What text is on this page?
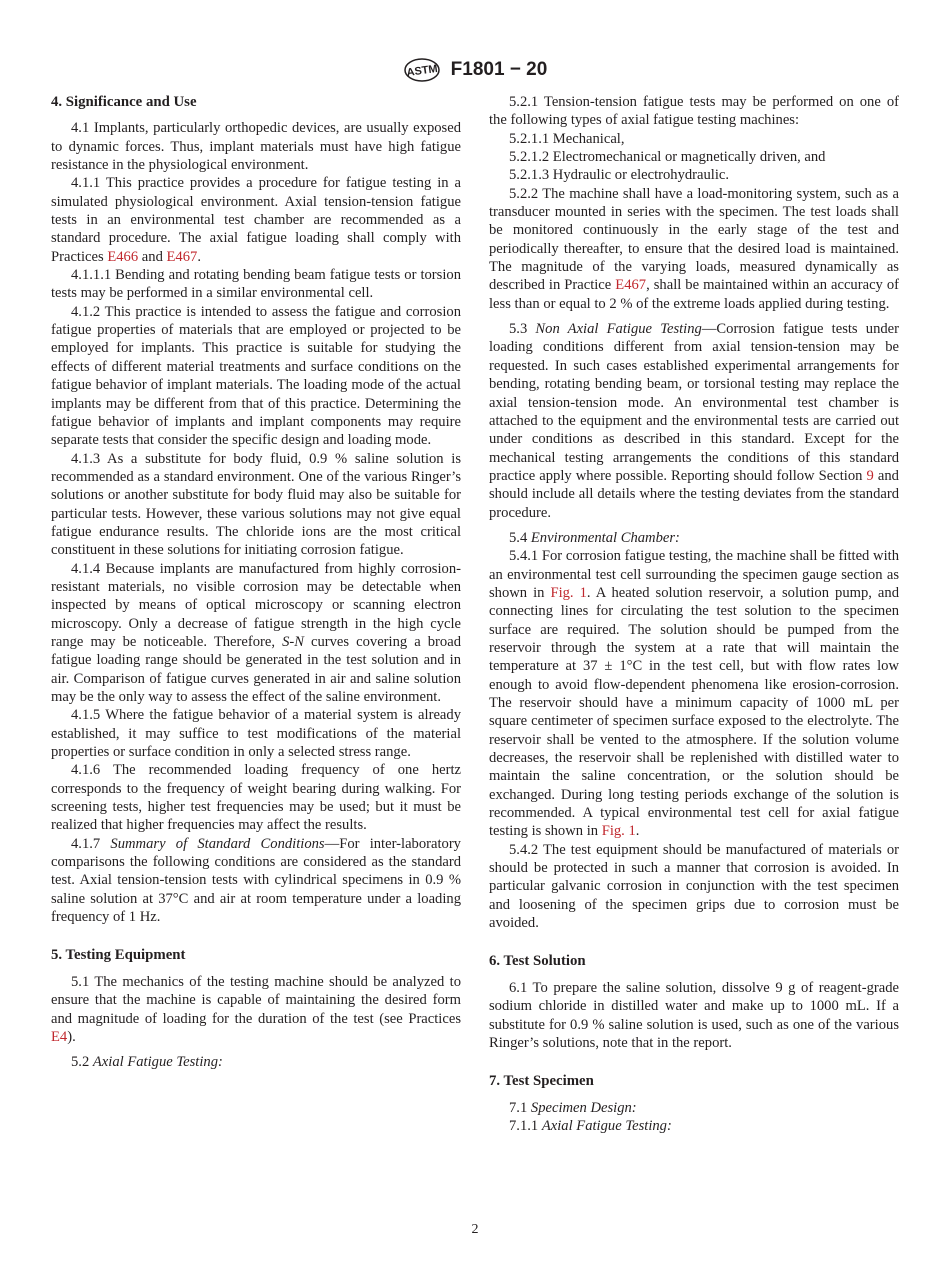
ASTM F1801 − 20
4. Significance and Use
4.1 Implants, particularly orthopedic devices, are usually exposed to dynamic forces. Thus, implant materials must have high fatigue resistance in the physiological environment.
4.1.1 This practice provides a procedure for fatigue testing in a simulated physiological environment. Axial tension-tension fatigue tests in an environmental test chamber are recommended as a standard procedure. The axial fatigue loading shall comply with Practices E466 and E467.
4.1.1.1 Bending and rotating bending beam fatigue tests or torsion tests may be performed in a similar environmental cell.
4.1.2 This practice is intended to assess the fatigue and corrosion fatigue properties of materials that are employed or projected to be employed for implants. This practice is suitable for studying the effects of different material treatments and surface conditions on the fatigue behavior of implant materials. The loading mode of the actual implants may be different from that of this practice. Determining the fatigue behavior of implants and implant components may require separate tests that consider the specific design and loading mode.
4.1.3 As a substitute for body fluid, 0.9 % saline solution is recommended as a standard environment. One of the various Ringer’s solutions or another substitute for body fluid may also be suitable for particular tests. However, these various solutions may not give equal fatigue endurance results. The chloride ions are the most critical constituent in these solutions for initiating corrosion fatigue.
4.1.4 Because implants are manufactured from highly corrosion-resistant materials, no visible corrosion may be detectable when inspected by means of optical microscopy or scanning electron microscopy. Only a decrease of fatigue strength in the high cycle range may be noticeable. Therefore, S-N curves covering a broad fatigue loading range should be generated in the test solution and in air. Comparison of fatigue curves generated in air and saline solution may be the only way to assess the effect of the saline environment.
4.1.5 Where the fatigue behavior of a material system is already established, it may suffice to test modifications of the material properties or surface condition in only a selected stress range.
4.1.6 The recommended loading frequency of one hertz corresponds to the frequency of weight bearing during walking. For screening tests, higher test frequencies may be used; but it must be realized that higher frequencies may affect the results.
4.1.7 Summary of Standard Conditions—For inter-laboratory comparisons the following conditions are considered as the standard test. Axial tension-tension tests with cylindrical specimens in 0.9 % saline solution at 37°C and air at room temperature under a loading frequency of 1 Hz.
5. Testing Equipment
5.1 The mechanics of the testing machine should be analyzed to ensure that the machine is capable of maintaining the desired form and magnitude of loading for the duration of the test (see Practices E4).
5.2 Axial Fatigue Testing:
5.2.1 Tension-tension fatigue tests may be performed on one of the following types of axial fatigue testing machines:
5.2.1.1 Mechanical,
5.2.1.2 Electromechanical or magnetically driven, and
5.2.1.3 Hydraulic or electrohydraulic.
5.2.2 The machine shall have a load-monitoring system, such as a transducer mounted in series with the specimen. The test loads shall be monitored continuously in the early stage of the test and periodically thereafter, to ensure that the desired load is maintained. The magnitude of the varying loads, measured dynamically as described in Practice E467, shall be maintained within an accuracy of less than or equal to 2 % of the extreme loads applied during testing.
5.3 Non Axial Fatigue Testing—Corrosion fatigue tests under loading conditions different from axial tension-tension may be requested. In such cases established experimental arrangements for bending, rotating bending beam, or torsional testing may replace the axial tension-tension mode. An environmental test chamber is attached to the equipment and the environmental tests are carried out under conditions as described in this standard. Except for the mechanical testing arrangements the conditions of this standard practice apply where possible. Reporting should follow Section 9 and should include all details where the testing deviates from the standard procedure.
5.4 Environmental Chamber:
5.4.1 For corrosion fatigue testing, the machine shall be fitted with an environmental test cell surrounding the specimen gauge section as shown in Fig. 1. A heated solution reservoir, a solution pump, and connecting lines for circulating the test solution to the specimen surface are required. The solution should be pumped from the reservoir through the system at a rate that will maintain the temperature at 37 ± 1°C in the test cell, but with flow rates low enough to avoid flow-dependent phenomena like erosion-corrosion. The reservoir should have a minimum capacity of 1000 mL per square centimeter of specimen surface exposed to the electrolyte. The reservoir shall be vented to the atmosphere. If the solution volume decreases, the reservoir shall be replenished with distilled water to maintain the saline concentration, or the solution should be exchanged. During long testing periods exchange of the solution is recommended. A typical environmental test cell for axial fatigue testing is shown in Fig. 1.
5.4.2 The test equipment should be manufactured of materials or should be protected in such a manner that corrosion is avoided. In particular galvanic corrosion in conjunction with the test specimen and loosening of the specimen grips due to corrosion must be avoided.
6. Test Solution
6.1 To prepare the saline solution, dissolve 9 g of reagent-grade sodium chloride in distilled water and make up to 1000 mL. If a substitute for 0.9 % saline solution is used, such as one of the various Ringer’s solutions, note that in the report.
7. Test Specimen
7.1 Specimen Design:
7.1.1 Axial Fatigue Testing:
2
